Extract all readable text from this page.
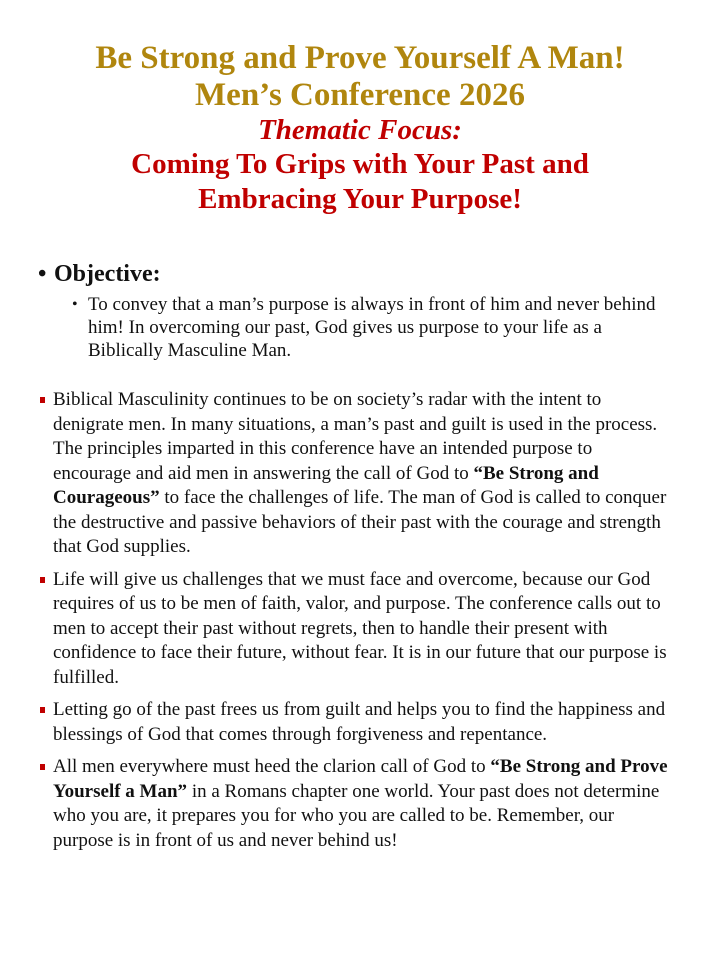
Be Strong and Prove Yourself A Man!
Men’s Conference 2026
Thematic Focus:
Coming To Grips with Your Past and
Embracing Your Purpose!
• Objective:
• To convey that a man’s purpose is always in front of him and never behind him! In overcoming our past, God gives us purpose to your life as a Biblically Masculine Man.
Biblical Masculinity continues to be on society’s radar with the intent to denigrate men. In many situations, a man’s past and guilt is used in the process. The principles imparted in this conference have an intended purpose to encourage and aid men in answering the call of God to “Be Strong and Courageous” to face the challenges of life. The man of God is called to conquer the destructive and passive behaviors of their past with the courage and strength that God supplies.
Life will give us challenges that we must face and overcome, because our God requires of us to be men of faith, valor, and purpose. The conference calls out to men to accept their past without regrets, then to handle their present with confidence to face their future, without fear. It is in our future that our purpose is fulfilled.
Letting go of the past frees us from guilt and helps you to find the happiness and blessings of God that comes through forgiveness and repentance.
All men everywhere must heed the clarion call of God to “Be Strong and Prove Yourself a Man” in a Romans chapter one world. Your past does not determine who you are, it prepares you for who you are called to be. Remember, our purpose is in front of us and never behind us!
